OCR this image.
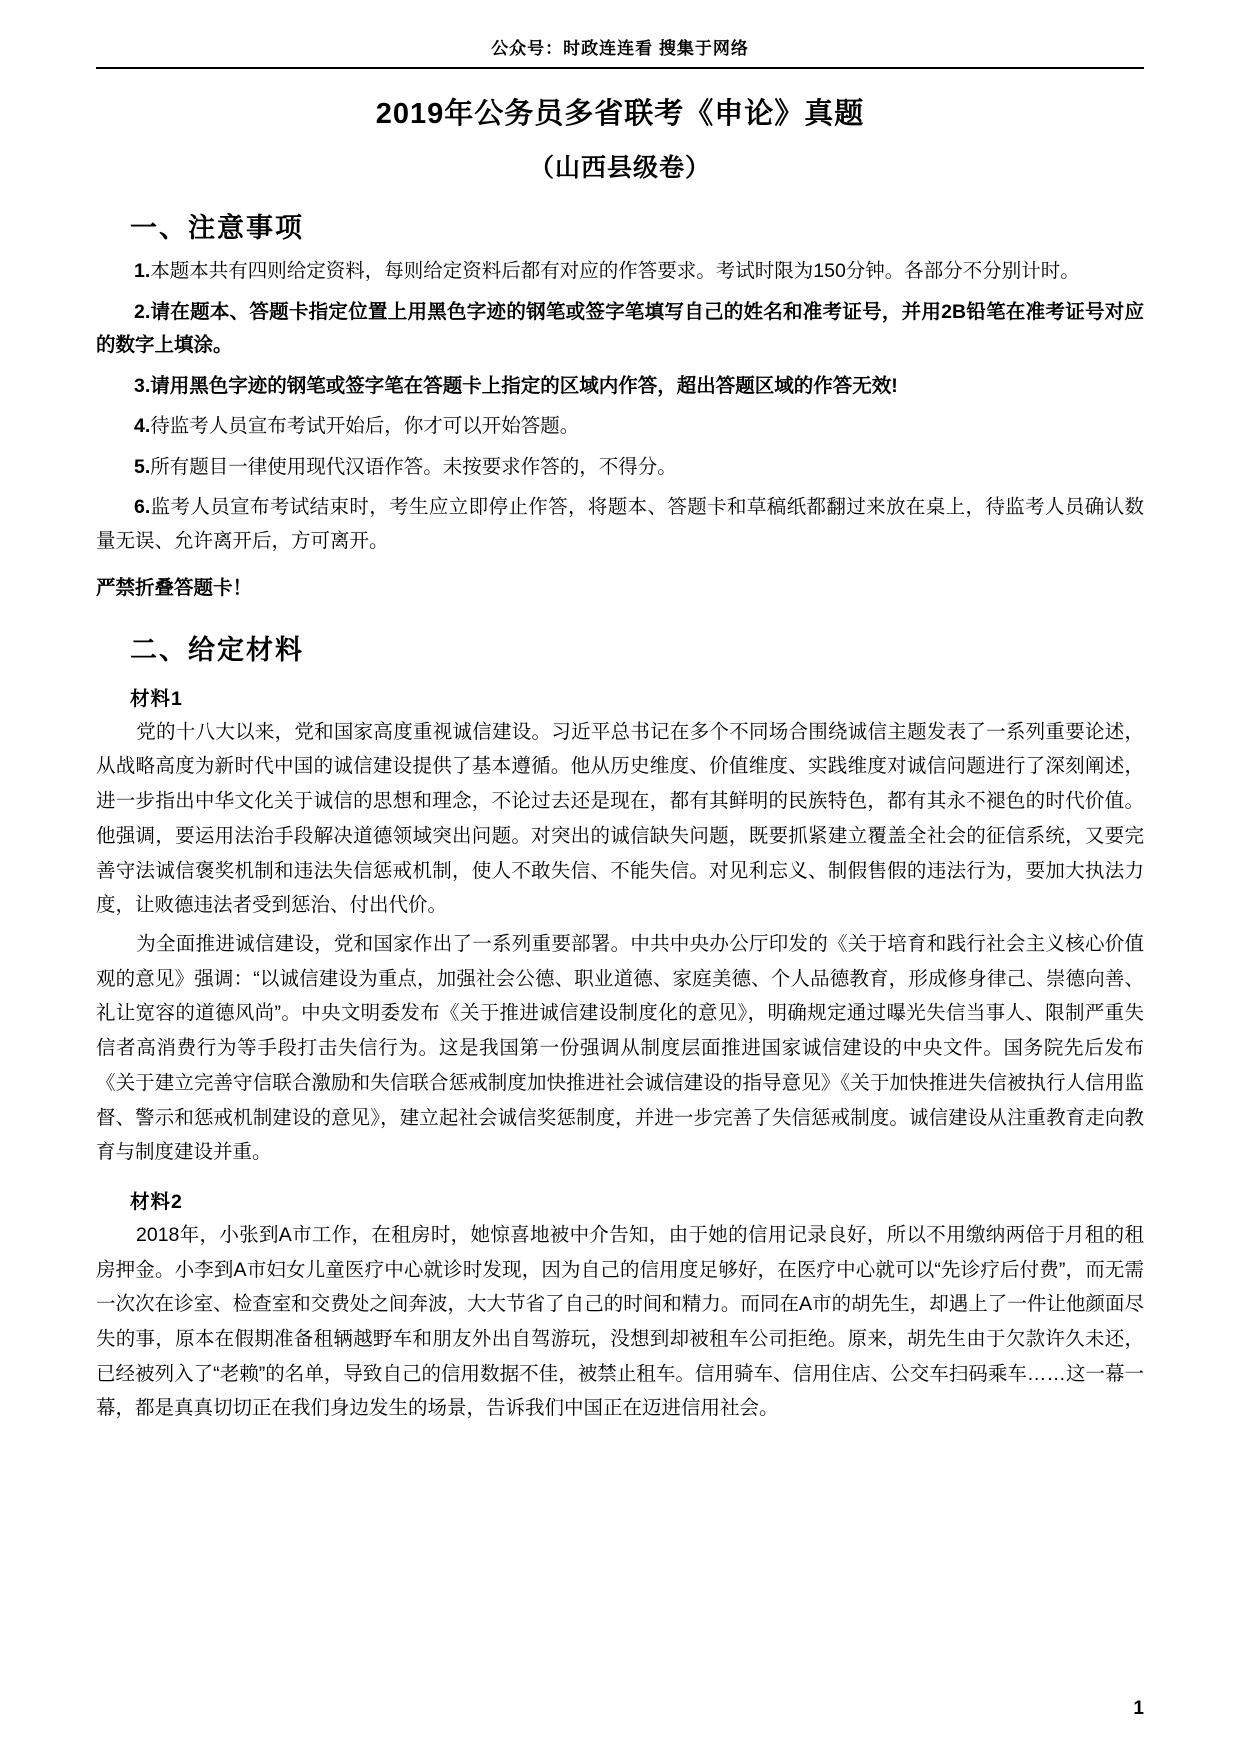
公众号：时政连连看 搜集于网络
2019年公务员多省联考《申论》真题
（山西县级卷）
一、注意事项

1.本题本共有四则给定资料，每则给定资料后都有对应的作答要求。考试时限为150分钟。各部分不分别计时。

2.请在题本、答题卡指定位置上用黑色字迹的钢笔或签字笔填写自己的姓名和准考证号，并用2B铅笔在准考证号对应的数字上填涂。

3.请用黑色字迹的钢笔或签字笔在答题卡上指定的区域内作答，超出答题区域的作答无效!

4.待监考人员宣布考试开始后，你才可以开始答题。

5.所有题目一律使用现代汉语作答。未按要求作答的，不得分。

6.监考人员宣布考试结束时，考生应立即停止作答，将题本、答题卡和草稿纸都翻过来放在桌上，待监考人员确认数量无误、允许离开后，方可离开。

严禁折叠答题卡！
二、给定材料
材料1

党的十八大以来，党和国家高度重视诚信建设。习近平总书记在多个不同场合围绕诚信主题发表了一系列重要论述，从战略高度为新时代中国的诚信建设提供了基本遵循。他从历史维度、价值维度、实践维度对诚信问题进行了深刻阐述，进一步指出中华文化关于诚信的思想和理念，不论过去还是现在，都有其鲜明的民族特色，都有其永不褪色的时代价值。他强调，要运用法治手段解决道德领域突出问题。对突出的诚信缺失问题，既要抓紧建立覆盖全社会的征信系统，又要完善守法诚信褒奖机制和违法失信惩戒机制，使人不敢失信、不能失信。对见利忘义、制假售假的违法行为，要加大执法力度，让败德违法者受到惩治、付出代价。

为全面推进诚信建设，党和国家作出了一系列重要部署。中共中央办公厅印发的《关于培育和践行社会主义核心价值观的意见》强调：“以诚信建设为重点，加强社会公德、职业道德、家庭美德、个人品德教育，形成修身律己、崇德向善、礼让宽容的道德风尚”。中央文明委发布《关于推进诚信建设制度化的意见》，明确规定通过曝光失信当事人、限制严重失信者高消费行为等手段打击失信行为。这是我国第一份强调从制度层面推进国家诚信建设的中央文件。国务院先后发布《关于建立完善守信联合激励和失信联合惩戒制度加快推进社会诚信建设的指导意见》《关于加快推进失信被执行人信用监督、警示和惩戒机制建设的意见》，建立起社会诚信奖惩制度，并进一步完善了失信惩戒制度。诚信建设从注重教育走向教育与制度建设并重。

材料2

2018年，小张到A市工作，在租房时，她惊喜地被中介告知，由于她的信用记录良好，所以不用缴纳两倍于月租的租房押金。小李到A市妇女儿童医疗中心就诊时发现，因为自己的信用度足够好，在医疗中心就可以“先诊疗后付费”，而无需一次次在诊室、检查室和交费处之间奔波，大大节省了自己的时间和精力。而同在A市的胡先生，却遇上了一件让他颜面尽失的事，原本在假期准备租辆越野车和朋友外出自驾游玩，没想到却被租车公司拒绝。原来，胡先生由于欠款许久未还，已经被列入了“老赖”的名单，导致自己的信用数据不佳，被禁止租车。信用骑车、信用住店、公交车扫码乘车……这一幕一幕，都是真真切切正在我们身边发生的场景，告诉我们中国正在迈进信用社会。

1
